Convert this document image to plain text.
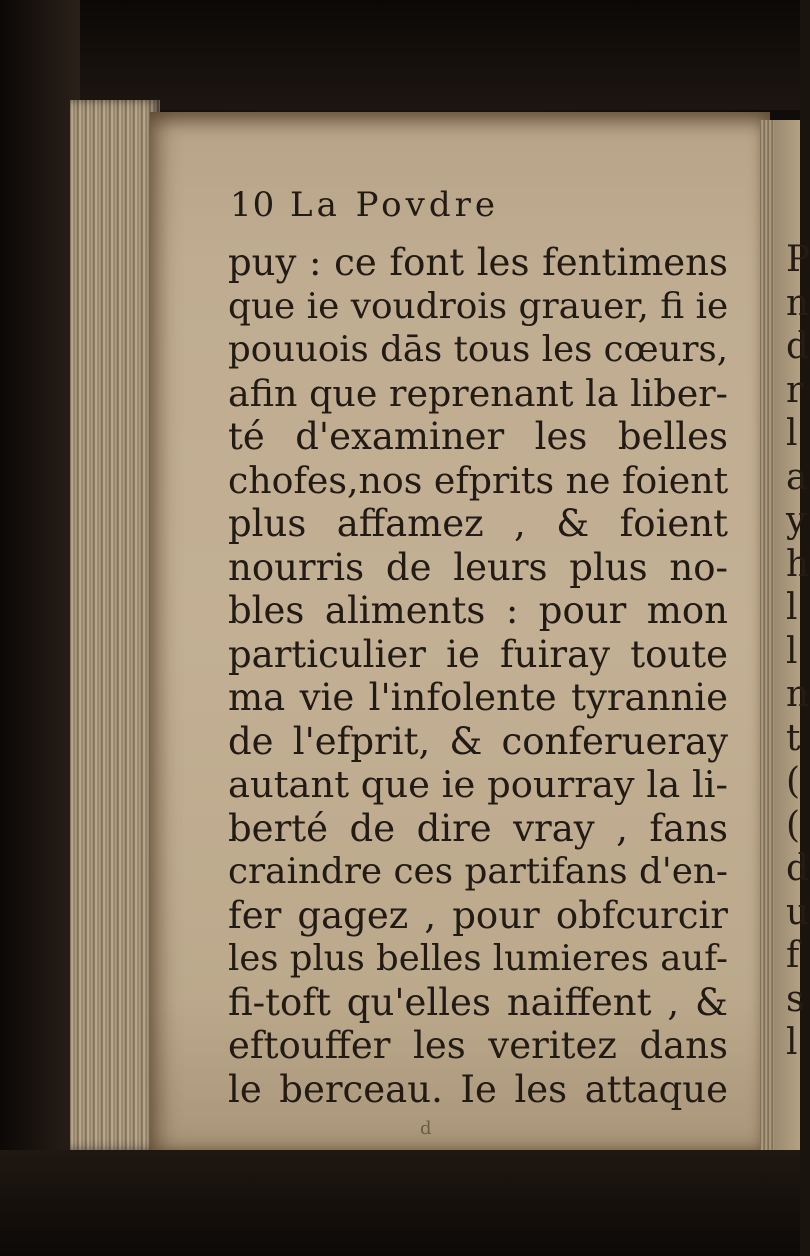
P
n
d
r
l
a
y
h
l
l
n
t
(
(
d
u
f
s
l
10 La Povdre
puy : ce font les fentimens
que ie voudrois grauer, fi ie
pouuois dās tous les cœurs,
afin que reprenant la liber-
té d'examiner les belles
chofes,nos efprits ne foient
plus affamez , & foient
nourris de leurs plus no-
bles aliments : pour mon
particulier ie fuiray toute
ma vie l'infolente tyrannie
de l'efprit, & conferueray
autant que ie pourray la li-
berté de dire vray , fans
craindre ces partifans d'en-
fer gagez , pour obfcurcir
les plus belles lumieres auf-
fi-toft qu'elles naiffent , &
eftouffer les veritez dans
le berceau. Ie les attaque
d
